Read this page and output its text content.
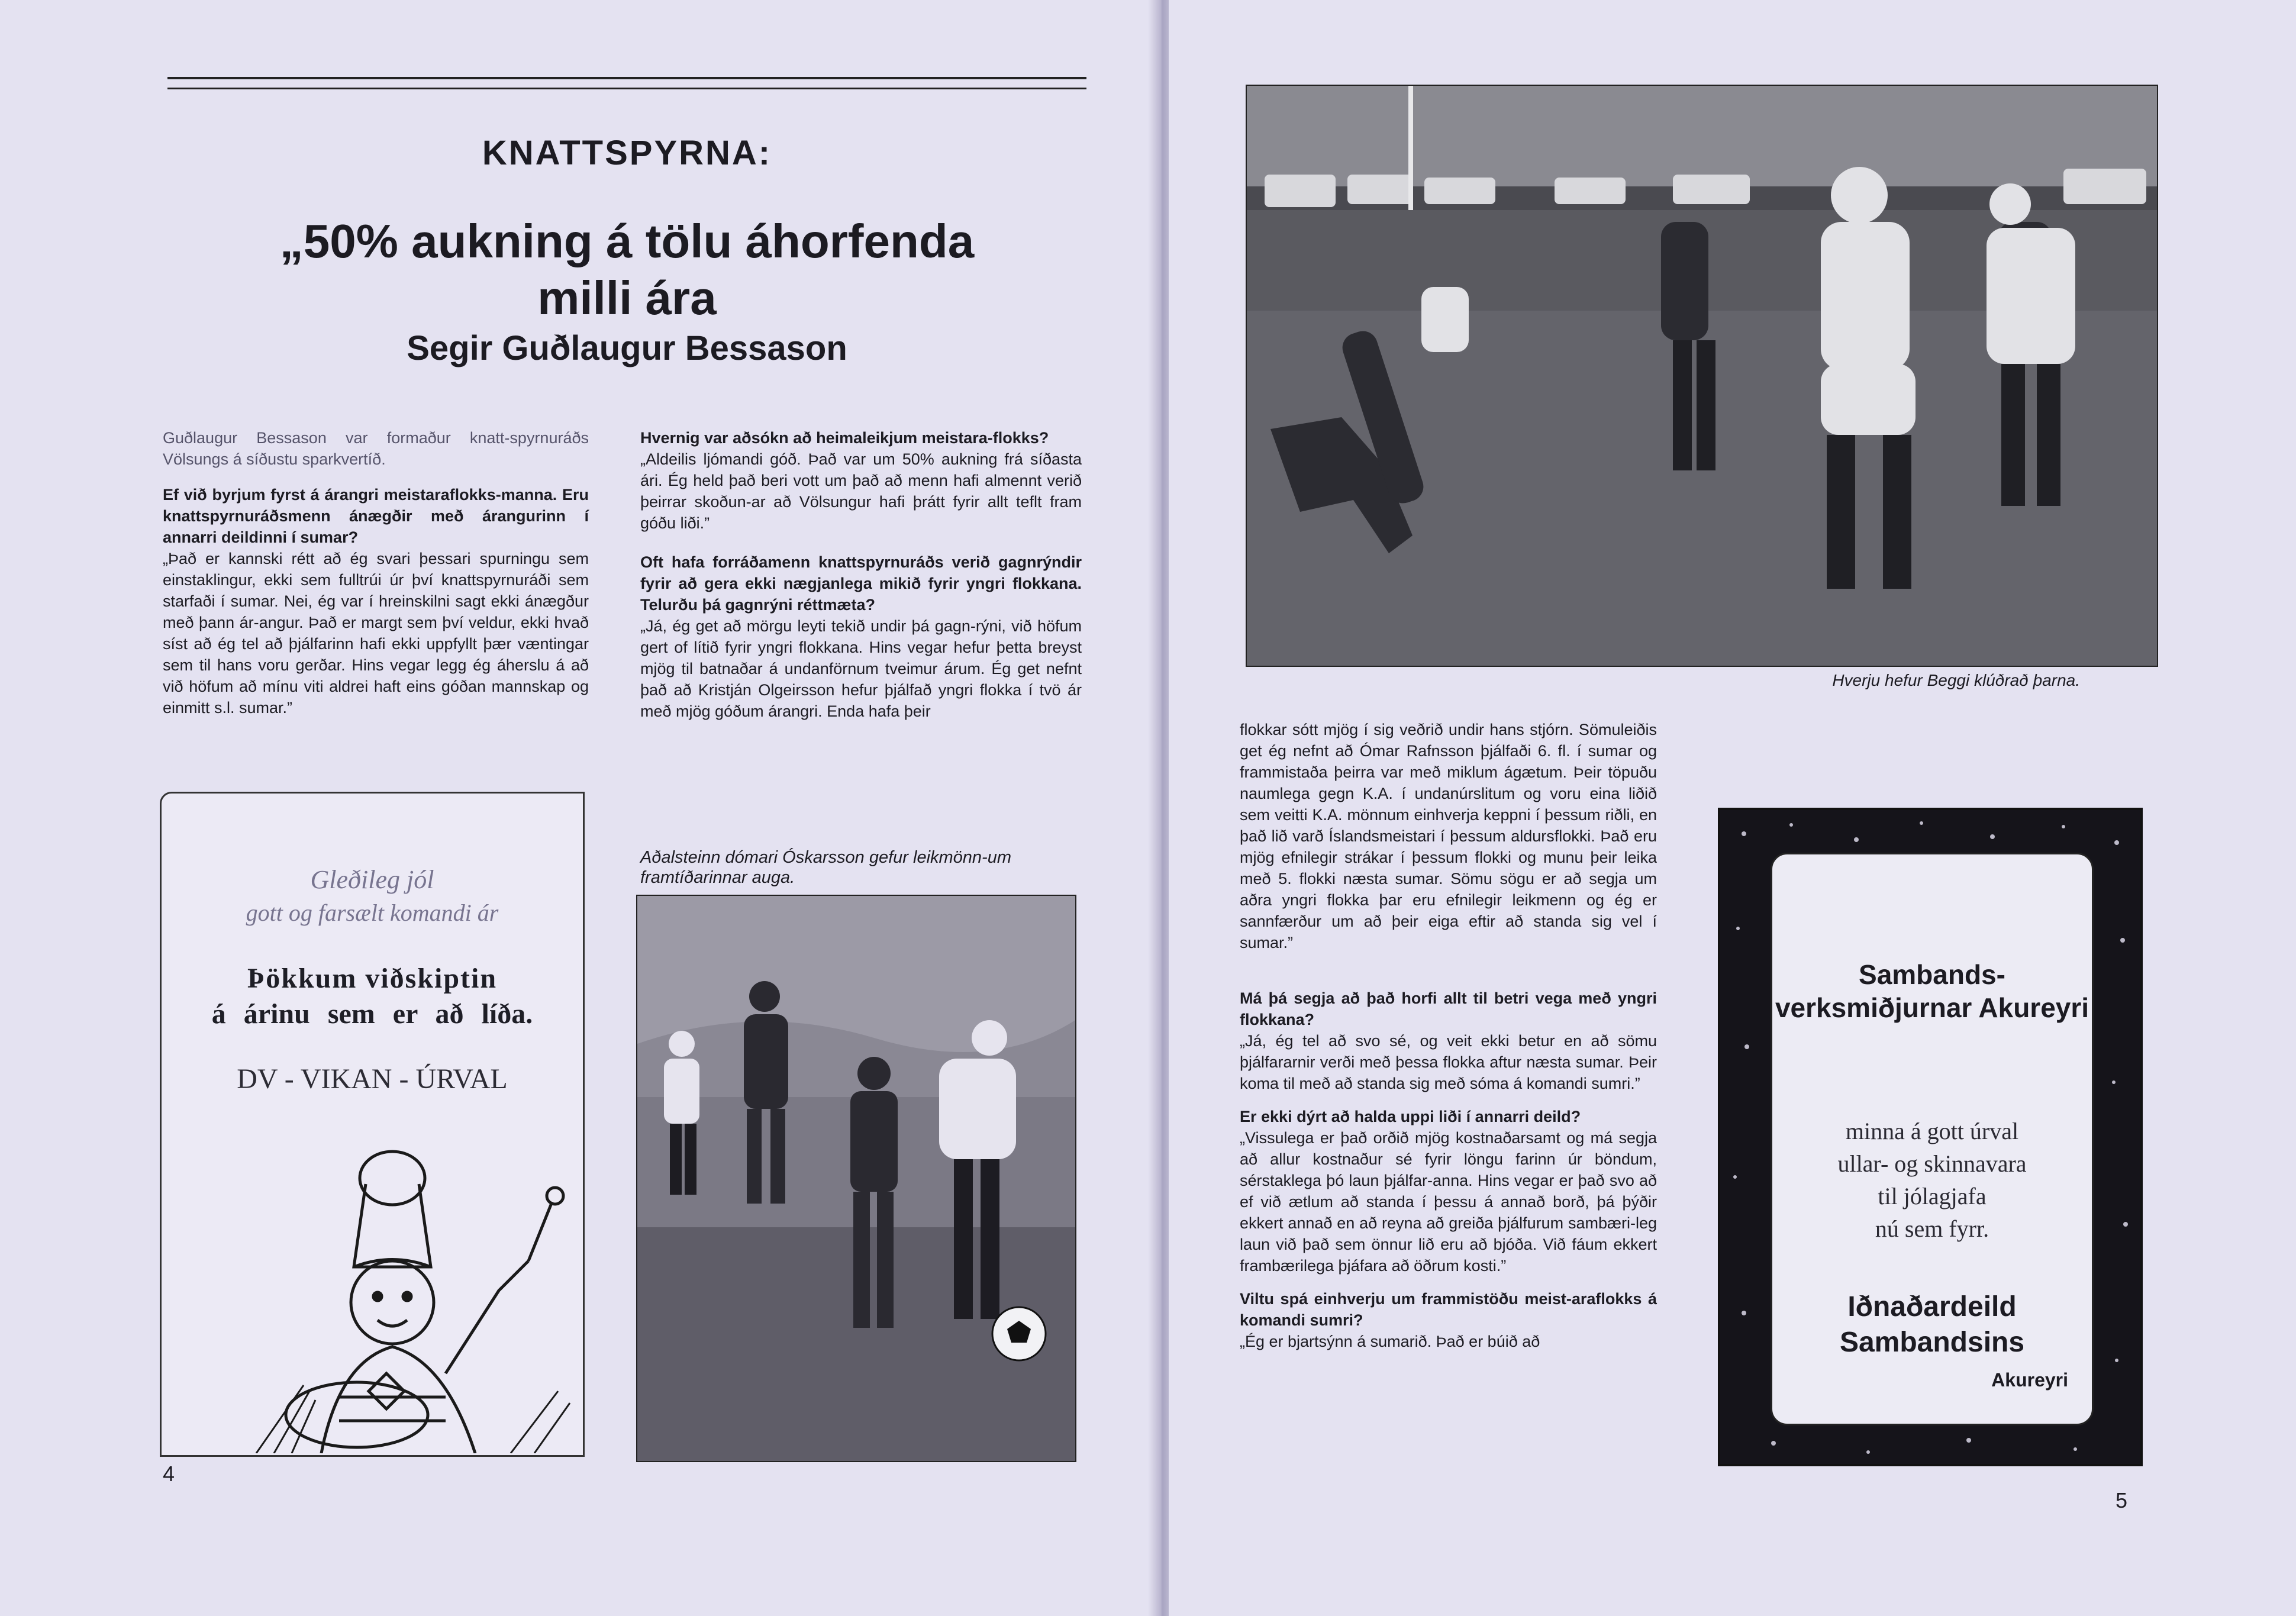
KNATTSPYRNA:
„50% aukning á tölu áhorfenda
milli ára
Segir Guðlaugur Bessason

Guðlaugur Bessason var formaður knatt-spyrnuráðs Völsungs á síðustu sparkvertíð.

Ef við byrjum fyrst á árangri meistaraflokks-manna. Eru knattspyrnuráðsmenn ánægðir með árangurinn í annarri deildinni í sumar?

„Það er kannski rétt að ég svari þessari spurningu sem einstaklingur, ekki sem fulltrúi úr því knattspyrnuráði sem starfaði í sumar. Nei, ég var í hreinskilni sagt ekki ánægður með þann ár-angur. Það er margt sem því veldur, ekki hvað síst að ég tel að þjálfarinn hafi ekki uppfyllt þær væntingar sem til hans voru gerðar. Hins vegar legg ég áherslu á að við höfum að mínu viti aldrei haft eins góðan mannskap og einmitt s.l. sumar.”

Hvernig var aðsókn að heimaleikjum meistara-flokks?

„Aldeilis ljómandi góð. Það var um 50% aukning frá síðasta ári. Ég held það beri vott um það að menn hafi almennt verið þeirrar skoðun-ar að Völsungur hafi þrátt fyrir allt teflt fram góðu liði.”

Oft hafa forráðamenn knattspyrnuráðs verið gagnrýndir fyrir að gera ekki nægjanlega mikið fyrir yngri flokkana. Telurðu þá gagnrýni réttmæta?

„Já, ég get að mörgu leyti tekið undir þá gagn-rýni, við höfum gert of lítið fyrir yngri flokkana. Hins vegar hefur þetta breyst mjög til batnaðar á undanförnum tveimur árum. Ég get nefnt það að Kristján Olgeirsson hefur þjálfað yngri flokka í tvö ár með mjög góðum árangri. Enda hafa þeir

Aðalsteinn dómari Óskarsson gefur leikmönn-um framtíðarinnar auga.
Gleðileg jól
gott og farsælt komandi ár
Þökkum viðskiptin
á árinu sem er að líða.
DV - VIKAN - ÚRVAL
4
Hverju hefur Beggi klúðrað þarna.

flokkar sótt mjög í sig veðrið undir hans stjórn. Sömuleiðis get ég nefnt að Ómar Rafnsson þjálfaði 6. fl. í sumar og frammistaða þeirra var með miklum ágætum. Þeir töpuðu naumlega gegn K.A. í undanúrslitum og voru eina liðið sem veitti K.A. mönnum einhverja keppni í þessum riðli, en það lið varð Íslandsmeistari í þessum aldursflokki. Það eru mjög efnilegir strákar í þessum flokki og munu þeir leika með 5. flokki næsta sumar. Sömu sögu er að segja um aðra yngri flokka þar eru efnilegir leikmenn og ég er sannfærður um að þeir eiga eftir að standa sig vel í sumar.”

Má þá segja að það horfi allt til betri vega með yngri flokkana?

„Já, ég tel að svo sé, og veit ekki betur en að sömu þjálfararnir verði með þessa flokka aftur næsta sumar. Þeir koma til með að standa sig með sóma á komandi sumri.”

Er ekki dýrt að halda uppi liði í annarri deild?

„Vissulega er það orðið mjög kostnaðarsamt og má segja að allur kostnaður sé fyrir löngu farinn úr böndum, sérstaklega þó laun þjálfar-anna. Hins vegar er það svo að ef við ætlum að standa í þessu á annað borð, þá þýðir ekkert annað en að reyna að greiða þjálfurum sambæri-leg laun við það sem önnur lið eru að bjóða. Við fáum ekkert frambærilega þjáfara að öðrum kosti.”

Viltu spá einhverju um frammistöðu meist-araflokks á komandi sumri?

„Ég er bjartsýnn á sumarið. Það er búið að

Sambands-verksmiðjurnar Akureyri
minna á gott úrval
ullar- og skinnavara
til jólagjafa
nú sem fyrr.
Iðnaðardeild Sambandsins
Akureyri
5
